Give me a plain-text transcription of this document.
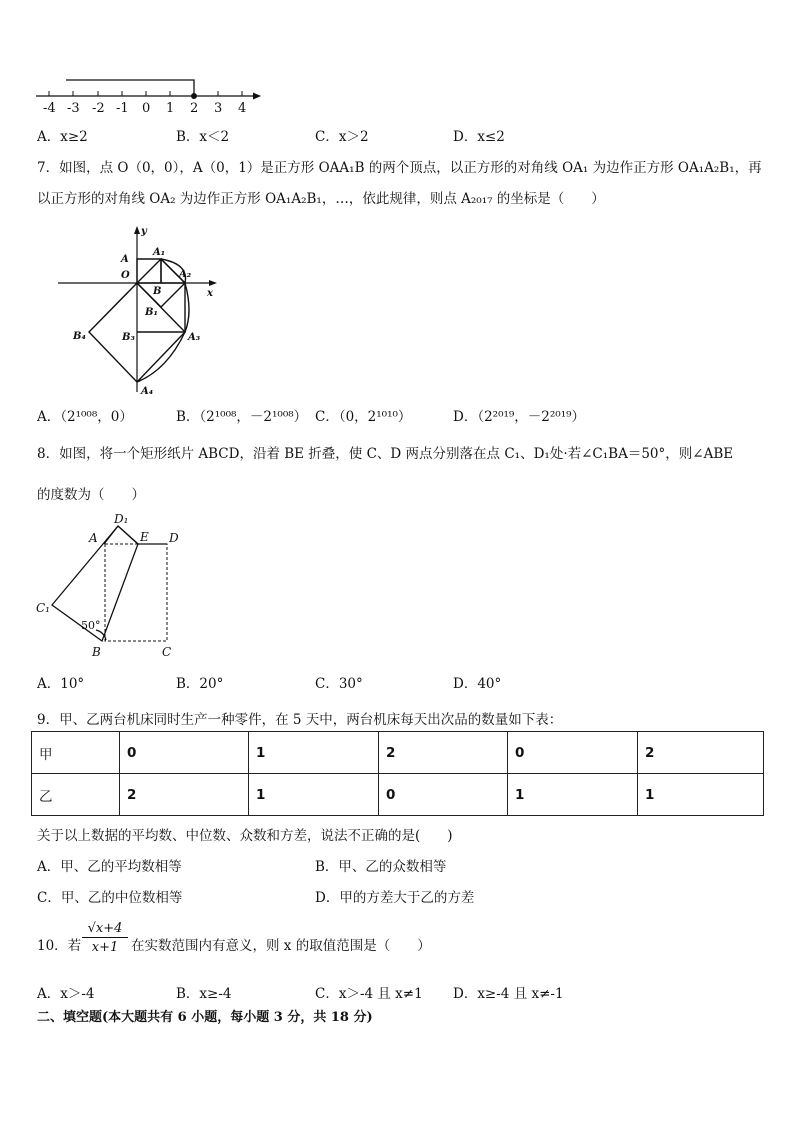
-4 -3 -2 -1 0 1 2 3 4
A．x≥2	B．x＜2	C．x＞2	D．x≤2
7．如图，点 O（0，0），A（0，1）是正方形 OAA₁B 的两个顶点，以正方形的对角线 OA₁ 为边作正方形 OA₁A₂B₁，再
以正方形的对角线 OA₂ 为边作正方形 OA₁A₂B₁，…，依此规律，则点 A₂₀₁₇ 的坐标是（　　）
y
A
A₁
O	A₂
B	x
B₁
B₄	B₃	A₃
A₄
A．（2¹⁰⁰⁸，0）	B．（2¹⁰⁰⁸，－2¹⁰⁰⁸） C．（0，2¹⁰¹⁰）	D．（2²⁰¹⁹，－2²⁰¹⁹）
8．如图，将一个矩形纸片 ABCD，沿着 BE 折叠，使 C、D 两点分别落在点 C₁、D₁处·若∠C₁BA＝50°，则∠ABE
的度数为（　　）
D₁
A	E D
C₁
50°
B	C
A．10°	B．20°	C．30°	D．40°
9．甲、乙两台机床同时生产一种零件，在 5 天中，两台机床每天出次品的数量如下表：
甲	0	1	2	0	2
乙	2	1	0	1	1
关于以上数据的平均数、中位数、众数和方差，说法不正确的是(　　)
A．甲、乙的平均数相等	B．甲、乙的众数相等
C．甲、乙的中位数相等	D．甲的方差大于乙的方差
10．若 $\frac{√x+4}{x+1}$ 在实数范围内有意义，则 x 的取值范围是（　　）
A．x＞-4	B．x≥-4	C．x＞-4 且 x≠1 D．x≥-4 且 x≠-1
二、填空题(本大题共有 6 小题，每小题 3 分，共 18 分)
